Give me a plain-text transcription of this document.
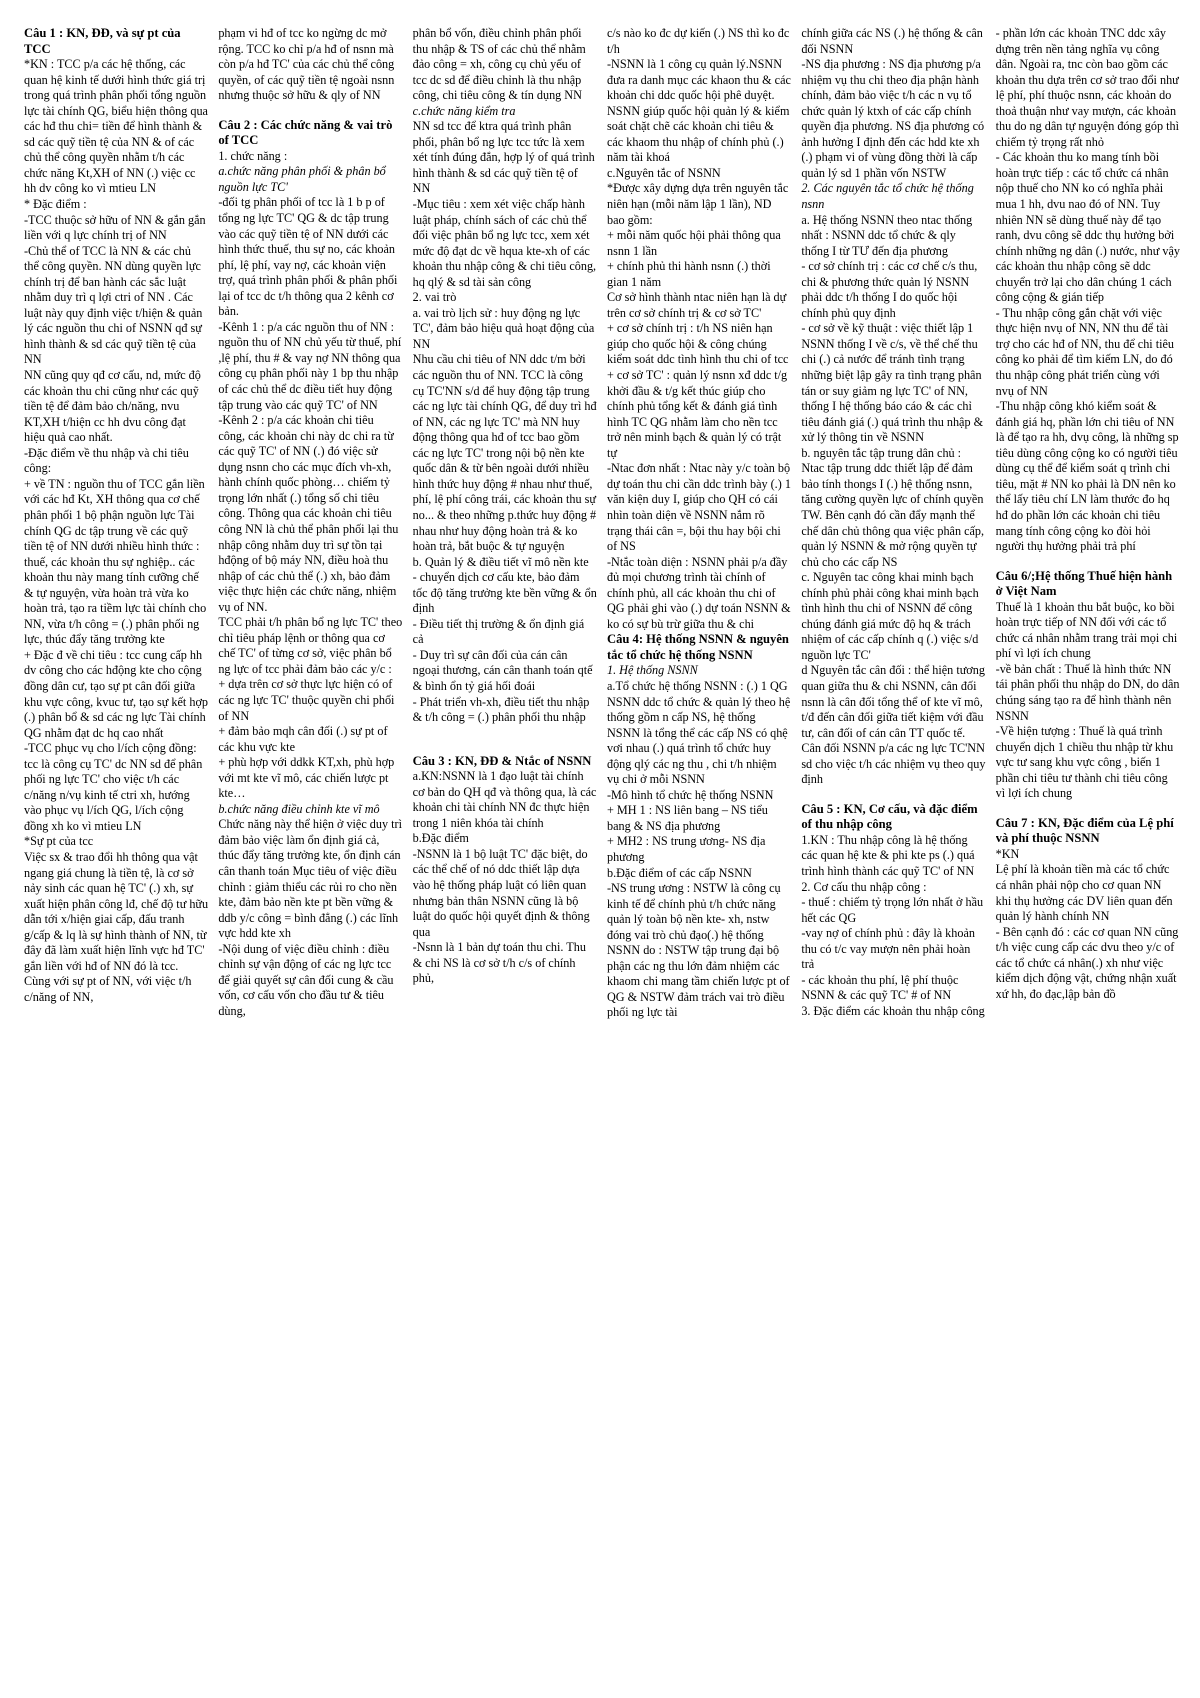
Câu 1 : KN, ĐĐ, và sự pt của TCC

*KN : TCC p/a các hệ thống, các quan hệ kinh tế dưới hình thức giá trị trong quá trình phân phối tổng nguồn lực tài chính QG, biểu hiện thông qua các hđ thu chi= tiền để hình thành & sd các quỹ tiền tệ của NN & of các chủ thể công quyền nhằm t/h các chức năng Kt,XH of NN (.) việc cc hh dv công ko vì mtieu LN

* Đặc điểm :

-TCC thuộc sở hữu of NN & gắn gắn liền với q lực chính trị of NN

-Chủ thể of TCC là NN & các chủ thể công quyền. NN dùng quyền lực chính trị để ban hành các sắc luật nhằm duy trì q lợi ctri of NN . Các luật này quy định việc t/hiện & quản lý các nguồn thu chi of NSNN qđ sự hình thành & sd các quỹ tiền tệ của NN

NN cũng quy qđ cơ cấu, nd, mức độ các khoản thu chi cũng như các quỹ tiền tệ để đảm bảo ch/năng, nvu KT,XH t/hiện cc hh dvu công đạt hiệu quả cao nhất.

-Đặc điểm về thu nhập và chi tiêu công:

+ về TN : nguồn thu of TCC gắn liền với các hđ Kt, XH thông qua cơ chế phân phối 1 bộ phận nguồn lực Tài chính QG dc tập trung về các quỹ tiền tệ of NN dưới nhiều hình thức : thuế, các khoản thu sự nghiệp.. các khoản thu này mang tính cưỡng chế & tự nguyện, vừa hoàn trả vừa ko hoàn trả, tạo ra tiềm lực tài chính cho NN, vừa t/h công = (.) phân phối ng lực, thúc đẩy tăng trưởng kte

+ Đặc đ về chi tiêu : tcc cung cấp hh dv công cho các hđộng kte cho cộng đồng dân cư, tạo sự pt cân đối giữa khu vực công, kvuc tư, tạo sự kết hợp (.) phân bổ & sd các ng lực Tài chính QG nhằm đạt dc hq cao nhất

-TCC phục vụ cho l/ích cộng đồng: tcc là công cụ TC' dc NN sd để phân phối ng lực TC' cho việc t/h các c/năng n/vụ kinh tế ctri xh, hướng vào phục vụ l/ích QG, l/ích cộng đồng xh ko vì mtieu LN

*Sự pt của tcc

Việc sx & trao đổi hh thông qua vật ngang giá chung là tiền tệ, là cơ sở nảy sinh các quan hệ TC' (.) xh, sự xuất hiện phân công lđ, chế độ tư hữu dẫn tới x/hiện giai cấp, đấu tranh g/cấp & lq là sự hình thành of NN, từ đây đã làm xuất hiện lĩnh vực hđ TC' gắn liền với hđ of NN đó là tcc.

Cùng với sự pt of NN, với việc t/h c/năng of NN,

phạm vi hđ of tcc ko ngừng dc mở rộng. TCC ko chỉ p/a hđ of nsnn mà còn p/a hđ TC' của các chủ thể công quyền, of các quỹ tiền tệ ngoài nsnn nhưng thuộc sở hữu & qly of NN

Câu 2 : Các chức năng & vai trò of TCC

1. chức năng :

a.chức năng phân phối & phân bổ nguồn lực TC'

-đối tg phân phối of tcc là 1 b p of tổng ng lực TC' QG & dc tập trung vào các quỹ tiền tệ of NN dưới các hình thức thuế, thu sự no, các khoản phí, lệ phí, vay nợ, các khoản viện trợ, quá trình phân phối & phân phối lại of tcc dc t/h thông qua 2 kênh cơ bản.

-Kênh 1 : p/a các nguồn thu of NN : nguồn thu of NN chủ yếu từ thuế, phí ,lệ phí, thu # & vay nợ NN thông qua công cụ phân phối này 1 bp thu nhập of các chủ thể dc điều tiết huy động tập trung vào các quỹ TC' of NN

-Kênh 2 : p/a các khoản chi tiêu công, các khoản chi này dc chi ra từ các quỹ TC' of NN (.) đó việc sử dụng nsnn cho các mục đích vh-xh, hành chính quốc phòng… chiếm tỷ trọng lớn nhất (.) tổng số chi tiêu công. Thông qua các khoản chi tiêu công NN là chủ thể phân phối lại thu nhập công nhằm duy trì sự tồn tại hđộng of bộ máy NN, điều hoà thu nhập of các chủ thể (.) xh, bảo đảm việc thực hiện các chức năng, nhiệm vụ of NN.

TCC phải t/h phân bổ ng lực TC' theo chỉ tiêu pháp lệnh or thông qua cơ chế TC' of từng cơ sở, việc phân bổ ng lực of tcc phải đảm bảo các y/c :

+ dựa trên cơ sở thực lực hiện có of các ng lực TC' thuộc quyền chi phối of NN

+ đảm bảo mqh cân đối (.) sự pt of các khu vực kte

+ phù hợp với ddkk KT,xh, phù hợp với mt kte vĩ mô, các chiến lược pt kte…

b.chức năng điều chỉnh kte vĩ mô

Chức năng này thể hiện ở việc duy trì đảm bảo việc làm ổn định giá cả, thúc đẩy tăng trưởng kte, ổn định cán cân thanh toán Mục tiêu of việc điều chỉnh : giảm thiểu các rủi ro cho nền kte, đảm bảo nền kte pt bền vững & ddb y/c công = bình đẳng (.) các lĩnh vực hdd kte xh

-Nội dung of việc điều chỉnh : điều chỉnh sự vận động of các ng lực tcc để giải quyết sự cân đối cung & cầu vốn, cơ cấu vốn cho đầu tư & tiêu dùng,

phân bổ vốn, điều chỉnh phân phối thu nhập & TS of các chủ thể nhằm đảo công = xh, công cụ chủ yếu of tcc dc sd để điều chỉnh là thu nhập công, chi tiêu công & tín dụng NN

c.chức năng kiểm tra

NN sd tcc để ktra quá trình phân phối, phân bổ ng lực tcc tức là xem xét tính đúng đắn, hợp lý of quá trình hình thành & sd các quỹ tiền tệ of NN

-Mục tiêu : xem xét việc chấp hành luật pháp, chính sách of các chủ thể đối việc phân bổ ng lực tcc, xem xét mức độ đạt dc về hqua kte-xh of các khoản thu nhập công & chi tiêu công, hq qlý & sd tài sản công

2. vai trò

a. vai trò lịch sử : huy động ng lực TC', đảm bảo hiệu quả hoạt động của NN

Nhu cầu chi tiêu of NN ddc t/m bởi các nguồn thu of NN. TCC là công cụ TC'NN s/d để huy động tập trung các ng lực tài chính QG, để duy trì hđ of NN, các ng lực TC' mà NN huy động thông qua hđ of tcc bao gồm các ng lực TC' trong nội bộ nền kte quốc dân & từ bên ngoài dưới nhiều hình thức huy động # nhau như thuế, phí, lệ phí công trái, các khoản thu sự no... & theo những p.thức huy động # nhau như huy động hoàn trả & ko hoàn trả, bắt buộc & tự nguyện

b. Quản lý & điều tiết vĩ mô nền kte

- chuyển dịch cơ cấu kte, bảo đảm tốc độ tăng trưởng kte bền vững & ổn định

- Điều tiết thị trường & ổn định giá cả

- Duy trì sự cân đối của cán cân ngoại thương, cán cân thanh toán qtế & bình ổn tỷ giá hối đoái

- Phát triển vh-xh, điều tiết thu nhập & t/h công = (.) phân phối thu nhập

Câu 3 : KN, ĐĐ & Ntắc of NSNN

a.KN:NSNN là 1 đạo luật tài chính cơ bản do QH qđ và thông qua, là các khoản chi tài chính NN đc thực hiện trong 1 niên khóa tài chính

b.Đặc điểm

-NSNN là 1 bộ luật TC' đặc biệt, do các thể chế of nó ddc thiết lập dựa vào hệ thống pháp luật có liên quan nhưng bản thân NSNN cũng là bộ luật do quốc hội quyết định & thông qua

-Nsnn là 1 bản dự toán thu chi. Thu & chi NS là cơ sở t/h c/s of chính phủ,

c/s nào ko đc dự kiến (.) NS thì ko đc t/h

-NSNN là 1 công cụ quản lý.NSNN đưa ra danh mục các khaon thu & các khoản chi ddc quốc hội phê duyệt. NSNN giúp quốc hội quản lý & kiểm soát chặt chẽ các khoản chi tiêu & các khaom thu nhập of chính phủ (.) năm tài khoá

c.Nguyên tắc of NSNN

*Được xây dựng dựa trên nguyên tắc niên hạn (mỗi năm lập 1 lần), ND bao gồm:

+ mỗi năm quốc hội phải thông qua nsnn 1 lần

+ chính phủ thi hành nsnn (.) thời gian 1 năm

Cơ sở hình thành ntac niên hạn là dự trên cơ sở chính trị & cơ sở TC'

+ cơ sở chính trị : t/h NS niên hạn giúp cho quốc hội & công chúng kiểm soát ddc tình hình thu chi of tcc

+ cơ sở TC' : quản lý nsnn xđ ddc t/g khởi đầu & t/g kết thúc giúp cho chính phủ tổng kết & đánh giá tình hình TC QG nhằm làm cho nền tcc trở nên minh bạch & quản lý có trật tự

-Ntac đơn nhất : Ntac này y/c toàn bộ dự toán thu chi cần ddc trình bày (.) 1 văn kiện duy I, giúp cho QH có cái nhìn toàn diện về NSNN nắm rõ trạng thái cân =, bội thu hay bội chi of NS

-Ntắc toàn diện : NSNN phải p/a đầy đủ mọi chương trình tài chính of chính phủ, all các khoản thu chi of QG phải ghi vào (.) dự toán NSNN & ko có sự bù trừ giữa thu & chi

Câu 4: Hệ thống NSNN & nguyên tắc tổ chức hệ thống NSNN

1. Hệ thống NSNN

a.Tổ chức hệ thống NSNN : (.) 1 QG NSNN ddc tổ chức & quản lý theo hệ thống gồm n cấp NS, hệ thống NSNN là tổng thể các cấp NS có qhệ vơi nhau (.) quá trình tổ chức huy động qlý các ng thu , chi t/h nhiệm vụ chi ở mỗi NSNN

-Mô hình tổ chức hệ thống NSNN

+ MH 1 : NS liên bang – NS tiểu bang & NS địa phương

+ MH2 : NS trung ương- NS địa phương

b.Đặc điểm of các cấp NSNN

-NS trung ương : NSTW là công cụ kinh tế để chính phủ t/h chức năng quản lý toàn bộ nền kte- xh, nstw đóng vai trò chủ đạo(.) hệ thống NSNN do : NSTW tập trung đại bộ phận các ng thu lớn đảm nhiệm các khaom chi mang tầm chiến lược pt of QG & NSTW đảm trách vai trò điều phối ng lực tài

chính giữa các NS (.) hệ thống & cân đối NSNN

-NS địa phương : NS địa phương p/a nhiệm vụ thu chi theo địa phận hành chính, đảm bảo việc t/h các n vụ tổ chức quản lý ktxh of các cấp chính quyền địa phương. NS địa phương có ảnh hưởng I định đến các hdd kte xh (.) phạm vi of vùng đồng thời là cấp quản lý sd 1 phần vốn NSTW

2. Các nguyên tắc tổ chức hệ thống nsnn

a. Hệ thống NSNN theo ntac thống nhất : NSNN ddc tổ chức & qly thống I từ TƯ đến địa phương

- cơ sở chính trị : các cơ chế c/s thu, chi & phương thức quản lý NSNN phải ddc t/h thống I do quốc hội chính phủ quy định

- cơ sở về kỹ thuật : việc thiết lập 1 NSNN thống I về c/s, về thể chế thu chi (.) cả nước để tránh tình trạng những biệt lập gây ra tình trạng phân tán or suy giảm ng lực TC' of NN, thống I hệ thống báo cáo & các chỉ tiêu đánh giá (.) quá trình thu nhập & xử lý thông tin về NSNN

b. nguyên tắc tập trung dân chủ : Ntac tập trung ddc thiết lập để đảm bảo tính thongs I (.) hệ thống nsnn, tăng cường quyền lực of chính quyền TW. Bên cạnh đó cần đẩy mạnh thể chế dân chủ thông qua việc phân cấp, quản lý NSNN & mở rộng quyền tự chủ cho các cấp NS

c. Nguyên tac công khai minh bạch

chính phủ phải công khai minh bạch tình hình thu chi of NSNN để công chúng đánh giá mức độ hq & trách nhiệm of các cấp chính q (.) việc s/d nguồn lực TC'

d Nguyên tắc cân đối : thể hiện tương quan giữa thu & chi NSNN, cân đối nsnn là cân đối tổng thể of kte vĩ mô, t/đ đến cân đối giữa tiết kiệm với đầu tư, cân đối of cán cân TT quốc tế. Cân đối NSNN p/a các ng lực TC'NN sd cho việc t/h các nhiệm vụ theo quy định

Câu 5 : KN, Cơ cấu, và đặc điểm of thu nhập công

1.KN : Thu nhập công là hệ thống các quan hệ kte & phi kte ps (.) quá trình hình thành các quỹ TC' of NN

2. Cơ cấu thu nhập công :

- thuế : chiếm tỷ trọng lớn nhất ở hầu hết các QG

-vay nợ of chính phủ : đây là khoản thu có t/c vay mượn nên phải hoàn trả

- các khoản thu phí, lệ phí thuộc NSNN & các quỹ TC' # of NN

3. Đặc điểm các khoản thu nhập công

- phần lớn các khoản TNC ddc xây dựng trên nền tảng nghĩa vụ công dân. Ngoài ra, tnc còn bao gồm các khoản thu dựa trên cơ sở trao đổi như lệ phí, phí thuộc nsnn, các khoản do thoả thuận như vay mượn, các khoản thu do ng dân tự nguyện đóng góp thì chiếm tỷ trọng rất nhỏ

- Các khoản thu ko mang tính bồi hoàn trực tiếp : các tổ chức cá nhân nộp thuế cho NN ko có nghĩa phải mua 1 hh, dvu nao đó of NN. Tuy nhiên NN sẽ dùng thuế này để tạo ranh, dvu công sẽ ddc thụ hưởng bởi chính những ng dân (.) nước, như vậy các khoản thu nhập công sẽ ddc chuyển trở lại cho dân chúng 1 cách công cộng & gián tiếp

- Thu nhập công gắn chặt với việc thực hiện nvụ of NN, NN thu để tài trợ cho các hđ of NN, thu để chi tiêu công ko phải để tìm kiếm LN, do đó thu nhập công phát triển cùng với nvụ of NN

-Thu nhập công khó kiểm soát & đánh giá hq, phần lớn chi tiêu of NN là để tạo ra hh, dvụ công, là những sp tiêu dùng công cộng ko có người tiêu dùng cụ thể để kiểm soát q trình chi tiêu, mặt # NN ko phải là DN nên ko thể lấy tiêu chí LN làm thước đo hq hđ do phần lớn các khoản chi tiêu mang tính công cộng ko đòi hỏi người thụ hưởng phải trả phí

Câu 6/;Hệ thống Thuế hiện hành ở Việt Nam

Thuế là 1 khoản thu bắt buộc, ko bồi hoàn trực tiếp of NN đối với các tổ chức cá nhân nhằm trang trải mọi chi phí vì lợi ích chung

-về bản chất : Thuế là hình thức NN tái phân phối thu nhập do DN, do dân chúng sáng tạo ra để hình thành nên NSNN

-Về hiện tượng : Thuế là quá trình chuyển dịch 1 chiều thu nhập từ khu vực tư sang khu vực công , biến 1 phần chi tiêu tư thành chi tiêu công vì lợi ích chung

Câu 7 : KN, Đặc điểm của Lệ phí và phí thuộc NSNN

*KN

Lệ phí là khoản tiền mà các tổ chức cá nhân phải nộp cho cơ quan NN khi thụ hưởng các DV liên quan đến quản lý hành chính NN

- Bên cạnh đó : các cơ quan NN cũng t/h việc cung cấp các dvu theo y/c of các tổ chức cá nhân(.) xh như việc kiểm dịch động vật, chứng nhận xuất xứ hh, đo đạc,lập bản đồ
